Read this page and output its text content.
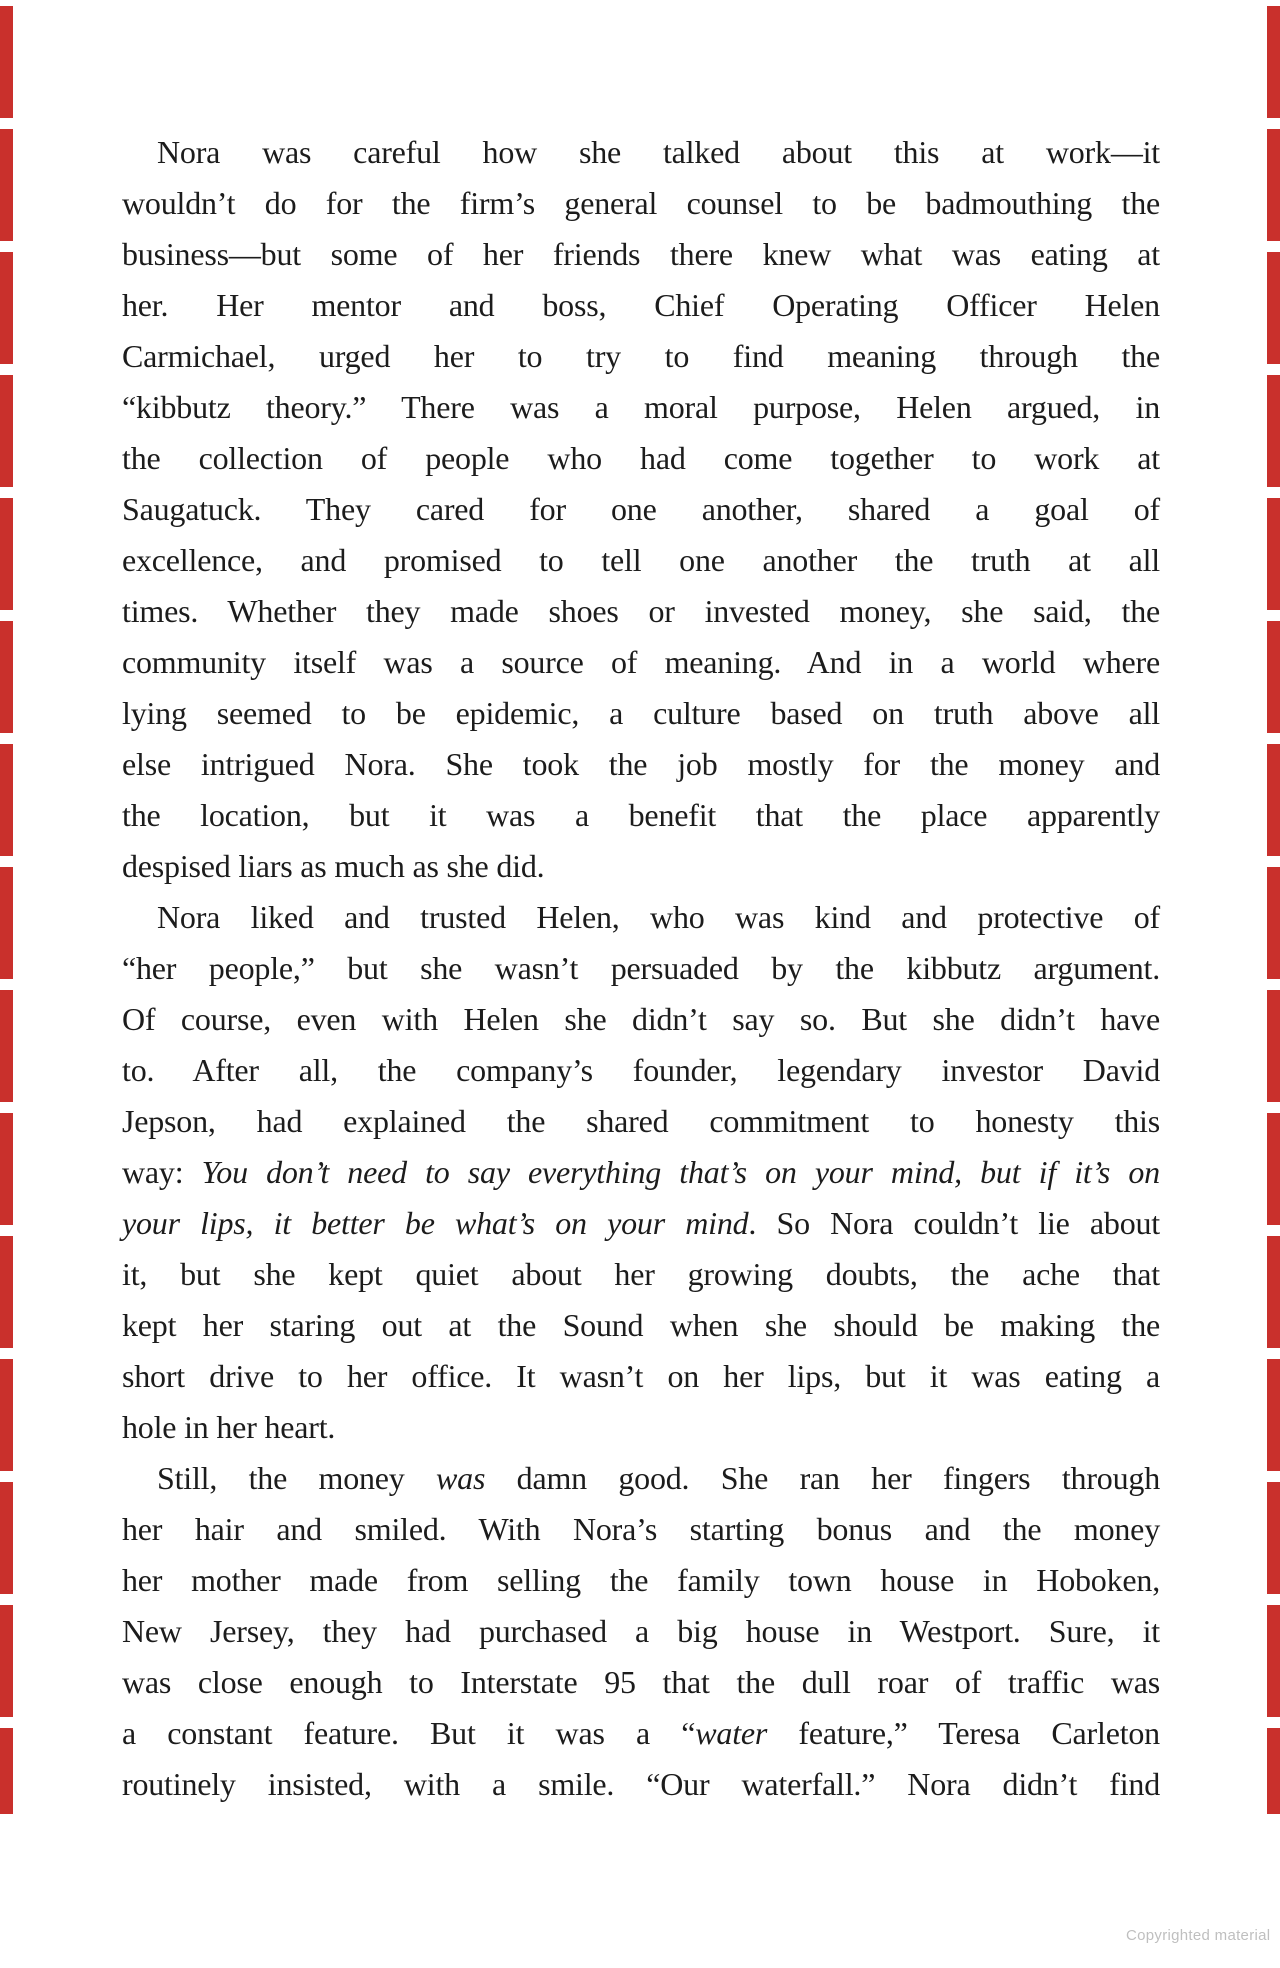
Nora was careful how she talked about this at work—it
wouldn’t do for the firm’s general counsel to be badmouthing the
business—but some of her friends there knew what was eating at
her. Her mentor and boss, Chief Operating Officer Helen
Carmichael, urged her to try to find meaning through the
“kibbutz theory.” There was a moral purpose, Helen argued, in
the collection of people who had come together to work at
Saugatuck. They cared for one another, shared a goal of
excellence, and promised to tell one another the truth at all
times. Whether they made shoes or invested money, she said, the
community itself was a source of meaning. And in a world where
lying seemed to be epidemic, a culture based on truth above all
else intrigued Nora. She took the job mostly for the money and
the location, but it was a benefit that the place apparently
despised liars as much as she did.
Nora liked and trusted Helen, who was kind and protective of
“her people,” but she wasn’t persuaded by the kibbutz argument.
Of course, even with Helen she didn’t say so. But she didn’t have
to. After all, the company’s founder, legendary investor David
Jepson, had explained the shared commitment to honesty this
way: You don’t need to say everything that’s on your mind, but if it’s on
your lips, it better be what’s on your mind. So Nora couldn’t lie about
it, but she kept quiet about her growing doubts, the ache that
kept her staring out at the Sound when she should be making the
short drive to her office. It wasn’t on her lips, but it was eating a
hole in her heart.
Still, the money was damn good. She ran her fingers through
her hair and smiled. With Nora’s starting bonus and the money
her mother made from selling the family town house in Hoboken,
New Jersey, they had purchased a big house in Westport. Sure, it
was close enough to Interstate 95 that the dull roar of traffic was
a constant feature. But it was a “water feature,” Teresa Carleton
routinely insisted, with a smile. “Our waterfall.” Nora didn’t find
Copyrighted material
